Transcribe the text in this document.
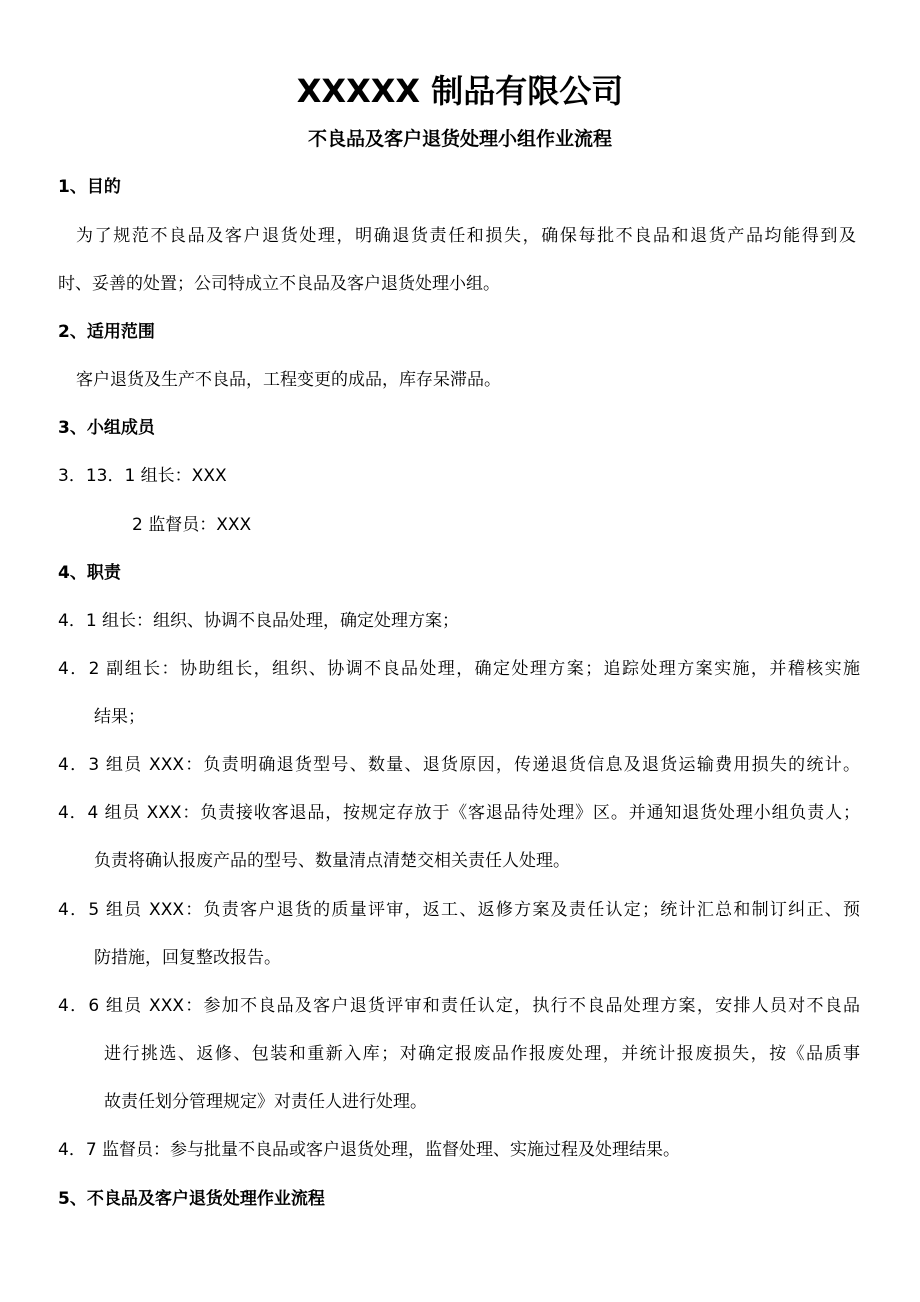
XXXXX 制品有限公司
不良品及客户退货处理小组作业流程
1、目的
为了规范不良品及客户退货处理，明确退货责任和损失，确保每批不良品和退货产品均能得到及
时、妥善的处置；公司特成立不良品及客户退货处理小组。
2、适用范围
客户退货及生产不良品，工程变更的成品，库存呆滞品。
3、小组成员
3．13．1 组长：XXX
2 监督员：XXX
4、职责
4．1 组长：组织、协调不良品处理，确定处理方案；
4．2 副组长：协助组长，组织、协调不良品处理，确定处理方案；追踪处理方案实施，并稽核实施
结果；
4．3 组员 XXX：负责明确退货型号、数量、退货原因，传递退货信息及退货运输费用损失的统计。
4．4 组员 XXX：负责接收客退品，按规定存放于《客退品待处理》区。并通知退货处理小组负责人；
负责将确认报废产品的型号、数量清点清楚交相关责任人处理。
4．5 组员 XXX：负责客户退货的质量评审，返工、返修方案及责任认定；统计汇总和制订纠正、预
防措施，回复整改报告。
4．6 组员 XXX：参加不良品及客户退货评审和责任认定，执行不良品处理方案，安排人员对不良品
进行挑选、返修、包装和重新入库；对确定报废品作报废处理，并统计报废损失，按《品质事
故责任划分管理规定》对责任人进行处理。
4．7 监督员：参与批量不良品或客户退货处理，监督处理、实施过程及处理结果。
5、不良品及客户退货处理作业流程
